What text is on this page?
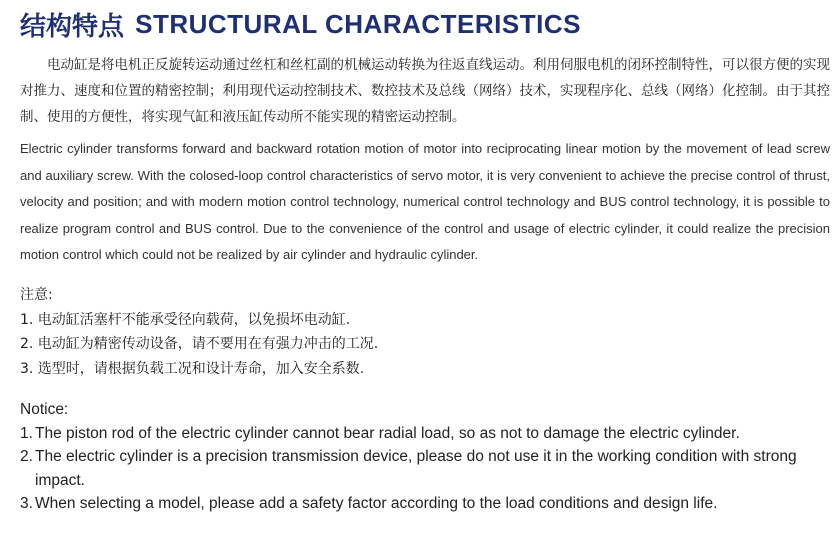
结构特点 STRUCTURAL CHARACTERISTICS
电动缸是将电机正反旋转运动通过丝杠和丝杠副的机械运动转换为往返直线运动。利用伺服电机的闭环控制特性，可以很方便的实现对推力、速度和位置的精密控制；利用现代运动控制技术、数控技术及总线（网络）技术，实现程序化、总线（网络）化控制。由于其控制、使用的方便性，将实现气缸和液压缸传动所不能实现的精密运动控制。
Electric cylinder transforms forward and backward rotation motion of motor into reciprocating linear motion by the movement of lead screw and auxiliary screw. With the colosed-loop control characteristics of servo motor, it is very convenient to achieve the precise control of thrust, velocity and position; and with modern motion control technology, numerical control technology and BUS control technology, it is possible to realize program control and BUS control. Due to the convenience of the control and usage of electric cylinder, it could realize the precision motion control which could not be realized by air cylinder and hydraulic cylinder.
注意:
1. 电动缸活塞杆不能承受径向载荷，以免损坏电动缸.
2. 电动缸为精密传动设备，请不要用在有强力冲击的工况.
3. 选型时，请根据负载工况和设计寿命，加入安全系数.
Notice:
1. The piston rod of the electric cylinder cannot bear radial load, so as not to damage the electric cylinder.
2. The electric cylinder is a precision transmission device, please do not use it in the working condition with strong impact.
3. When selecting a model, please add a safety factor according to the load conditions and design life.
